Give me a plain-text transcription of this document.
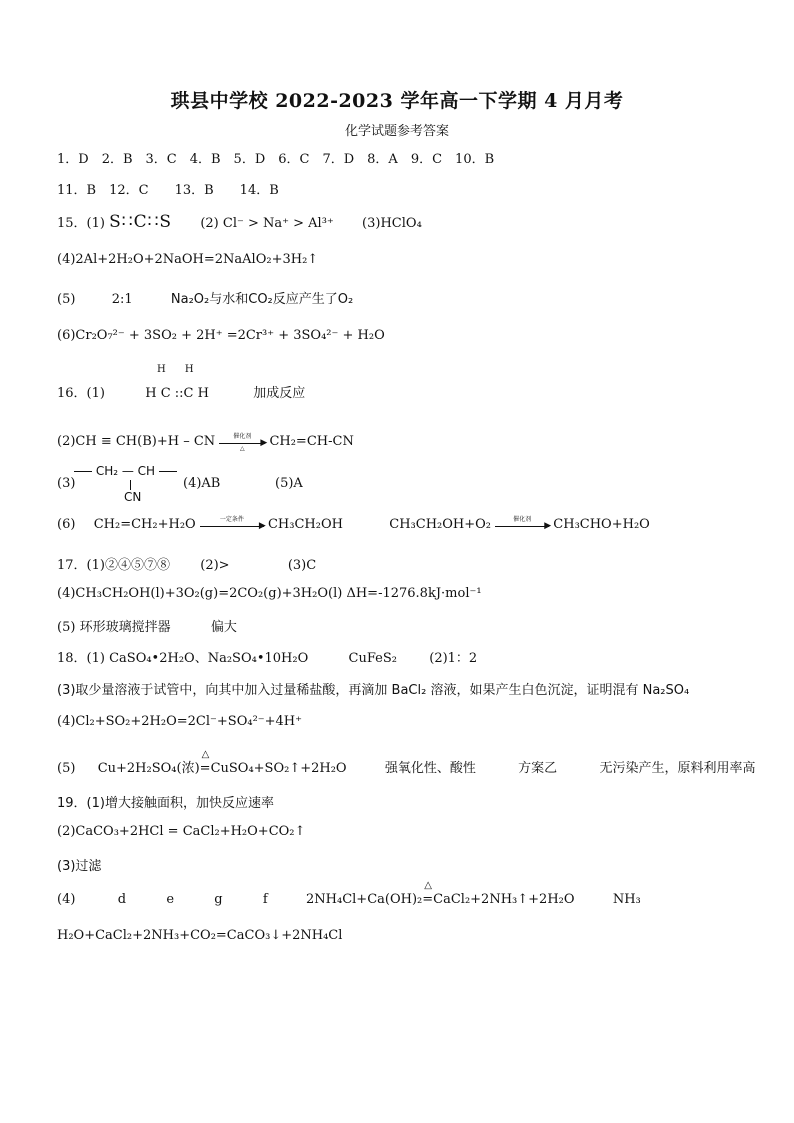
珙县中学校 2022-2023 学年高一下学期 4 月月考
化学试题参考答案
1．D　2．B　3．C　4．B　5．D　6．C　7．D　8．A　9．C　10．B
11．B　12．C　　13．B　　14．B
15．(1) S∷C∷S (2) Cl⁻ > Na⁺ > Al³⁺ (3)HClO₄
(4)2Al+2H₂O+2NaOH=2NaAlO₂+3H₂↑
(5)	2:1	Na₂O₂与水和CO₂反应产生了O₂
(6)Cr₂O₇²⁻ + 3SO₂ + 2H⁺ =2Cr³⁺ + 3SO₄²⁻ + H₂O
H H
16．(1)	H C ::C H	加成反应
(2)CH ≡ CH(B)+H – CN	催化剂
▶
△	CH₂=CH-CN
(3)
CH₂ — CH
CN
(4)AB	(5)A
(6) CH₂=CH₂+H₂O	一定条件
▶ CH₃CH₂OH	CH₃CH₂OH+O₂	催化剂
▶ CH₃CHO+H₂O
17．(1)②④⑤⑦⑧ (2)>	(3)C
(4)CH₃CH₂OH(l)+3O₂(g)=2CO₂(g)+3H₂O(l) ΔH=-1276.8kJ·mol⁻¹
(5) 环形玻璃搅拌器	偏大
18．(1) CaSO₄•2H₂O、Na₂SO₄•10H₂O	CuFeS₂ (2)1：2
(3)取少量溶液于试管中，向其中加入过量稀盐酸，再滴加 BaCl₂ 溶液，如果产生白色沉淀，证明混有 Na₂SO₄
(4)Cl₂+SO₂+2H₂O=2Cl⁻+SO₄²⁻+4H⁺
(5) Cu+2H₂SO₄(浓)
△
=CuSO₄+SO₂↑+2H₂O	强氧化性、酸性	方案乙	无污染产生，原料利用率高
19．(1)增大接触面积，加快反应速率
(2)CaCO₃+2HCl = CaCl₂+H₂O+CO₂↑
(3)过滤
(4)	d	e	g	f	2NH₄Cl+Ca(OH)₂
△
=CaCl₂+2NH₃↑+2H₂O	NH₃
H₂O+CaCl₂+2NH₃+CO₂=CaCO₃↓+2NH₄Cl
